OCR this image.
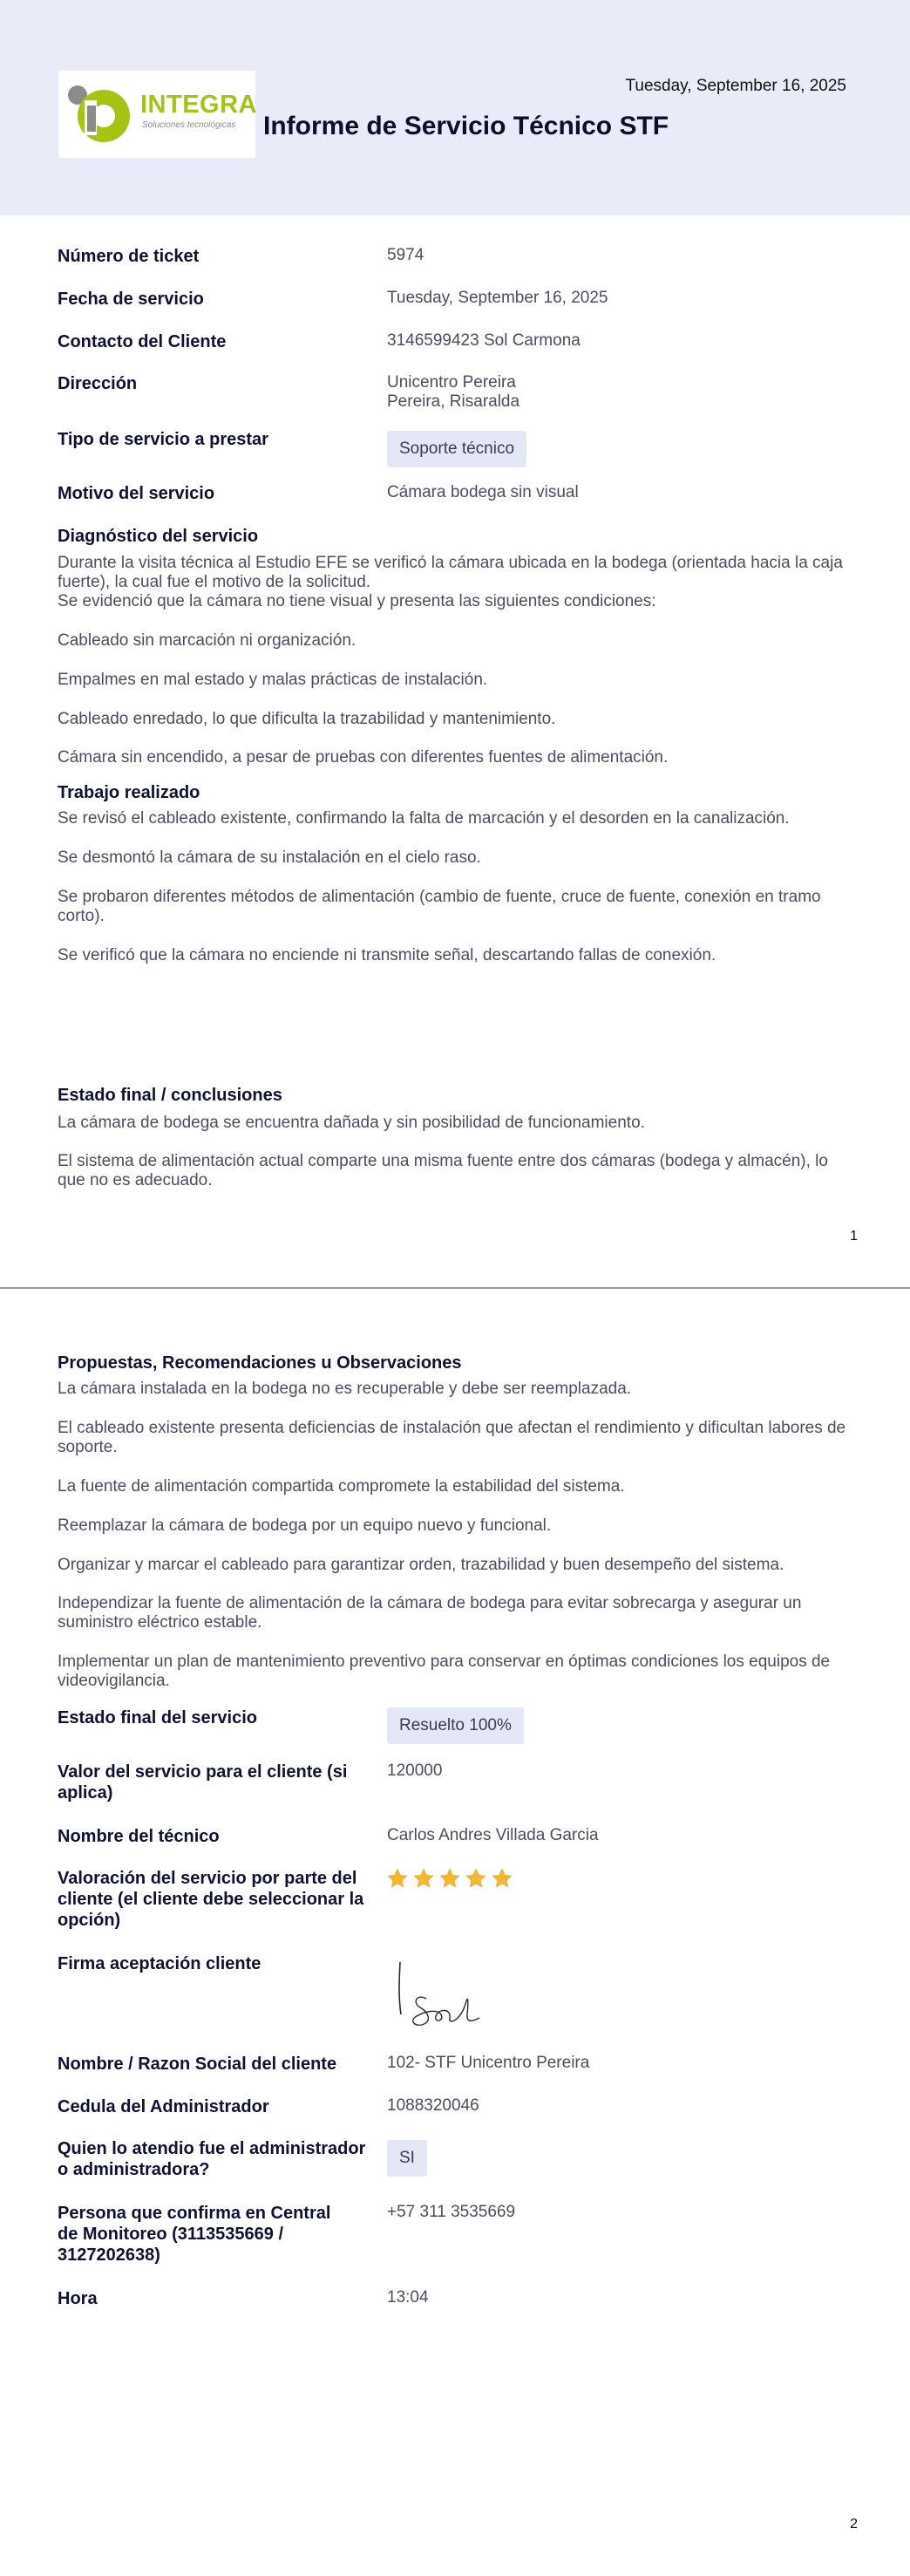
INTEGRA
Soluciones tecnológicas
Tuesday, September 16, 2025
Informe de Servicio Técnico STF
Número de ticket	5974
Fecha de servicio	Tuesday, September 16, 2025
Contacto del Cliente	3146599423 Sol Carmona
Dirección	Unicentro Pereira
Pereira, Risaralda
Tipo de servicio a prestar	Soporte técnico
Motivo del servicio	Cámara bodega sin visual
Diagnóstico del servicio
Durante la visita técnica al Estudio EFE se verificó la cámara ubicada en la bodega (orientada hacia la caja fuerte), la cual fue el motivo de la solicitud.
Se evidenció que la cámara no tiene visual y presenta las siguientes condiciones:
Cableado sin marcación ni organización.
Empalmes en mal estado y malas prácticas de instalación.
Cableado enredado, lo que dificulta la trazabilidad y mantenimiento.
Cámara sin encendido, a pesar de pruebas con diferentes fuentes de alimentación.
Trabajo realizado
Se revisó el cableado existente, confirmando la falta de marcación y el desorden en la canalización.
Se desmontó la cámara de su instalación en el cielo raso.
Se probaron diferentes métodos de alimentación (cambio de fuente, cruce de fuente, conexión en tramo corto).
Se verificó que la cámara no enciende ni transmite señal, descartando fallas de conexión.
Estado final / conclusiones
La cámara de bodega se encuentra dañada y sin posibilidad de funcionamiento.
El sistema de alimentación actual comparte una misma fuente entre dos cámaras (bodega y almacén), lo que no es adecuado.
1
Propuestas, Recomendaciones u Observaciones
La cámara instalada en la bodega no es recuperable y debe ser reemplazada.
El cableado existente presenta deficiencias de instalación que afectan el rendimiento y dificultan labores de soporte.
La fuente de alimentación compartida compromete la estabilidad del sistema.
Reemplazar la cámara de bodega por un equipo nuevo y funcional.
Organizar y marcar el cableado para garantizar orden, trazabilidad y buen desempeño del sistema.
Independizar la fuente de alimentación de la cámara de bodega para evitar sobrecarga y asegurar un suministro eléctrico estable.
Implementar un plan de mantenimiento preventivo para conservar en óptimas condiciones los equipos de videovigilancia.
Estado final del servicio	Resuelto 100%
Valor del servicio para el cliente (si aplica)
120000
Nombre del técnico	Carlos Andres Villada Garcia
Valoración del servicio por parte del cliente (el cliente debe seleccionar la opción)
Firma aceptación cliente
Nombre / Razon Social del cliente	102- STF Unicentro Pereira
Cedula del Administrador	1088320046
Quien lo atendio fue el administrador o administradora?
SI
Persona que confirma en Central de Monitoreo (3113535669 / 3127202638)
+57 311 3535669
Hora	13:04
2
